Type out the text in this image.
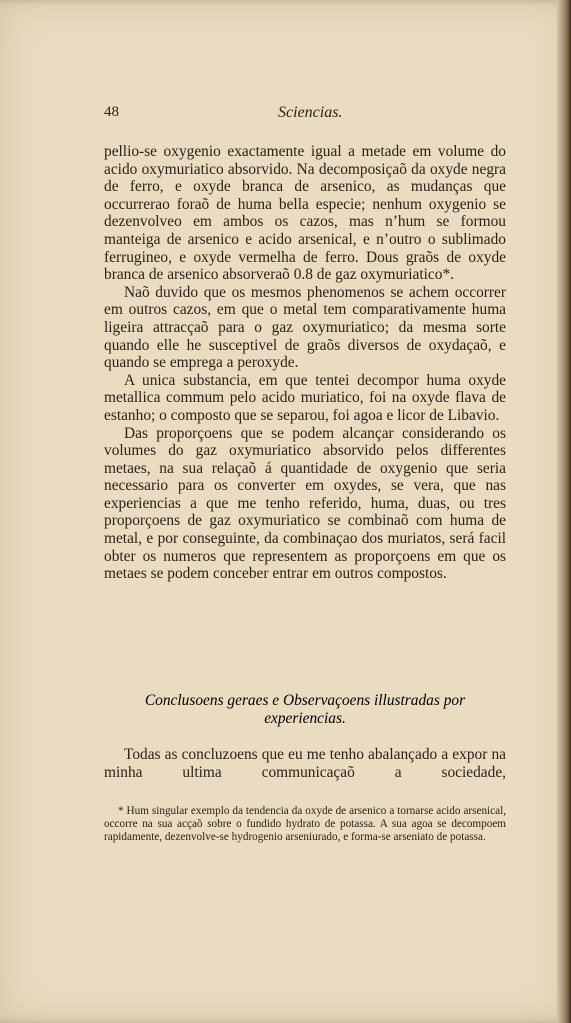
48	Sciencias.

pellio-se oxygenio exactamente igual a metade em volume do acido oxymuriatico absorvido. Na decomposiçaõ da oxyde negra de ferro, e oxyde branca de arsenico, as mudanças que occurrerao foraõ de huma bella especie; nenhum oxygenio se dezenvolveo em ambos os cazos, mas n’hum se formou manteiga de arsenico e acido arsenical, e n’outro o sublimado ferrugineo, e oxyde vermelha de ferro. Dous graõs de oxyde branca de arsenico absorveraõ 0.8 de gaz oxymuriatico*.

Naõ duvido que os mesmos phenomenos se achem occorrer em outros cazos, em que o metal tem comparativamente huma ligeira attracçaõ para o gaz oxymuriatico; da mesma sorte quando elle he susceptivel de graõs diversos de oxydaçaõ, e quando se emprega a peroxyde.

A unica substancia, em que tentei decompor huma oxyde metallica commum pelo acido muriatico, foi na oxyde flava de estanho; o composto que se separou, foi agoa e licor de Libavio.

Das proporçoens que se podem alcançar considerando os volumes do gaz oxymuriatico absorvido pelos differentes metaes, na sua relaçaõ á quantidade de oxygenio que seria necessario para os converter em oxydes, se vera, que nas experiencias a que me tenho referido, huma, duas, ou tres proporçoens de gaz oxymuriatico se combinaõ com huma de metal, e por conseguinte, da combinaçao dos muriatos, será facil obter os numeros que representem as proporçoens em que os metaes se podem conceber entrar em outros compostos.

Conclusoens geraes e Observaçoens illustradas por experiencias.

Todas as concluzoens que eu me tenho abalançado a expor na minha ultima communicaçaõ a sociedade,

* Hum singular exemplo da tendencia da oxyde de arsenico a tornarse acido arsenical, occorre na sua acçaõ sobre o fundido hydrato de potassa. A sua agoa se decompoem rapidamente, dezenvolve-se hydrogenio arseniurado, e forma-se arseniato de potassa.
